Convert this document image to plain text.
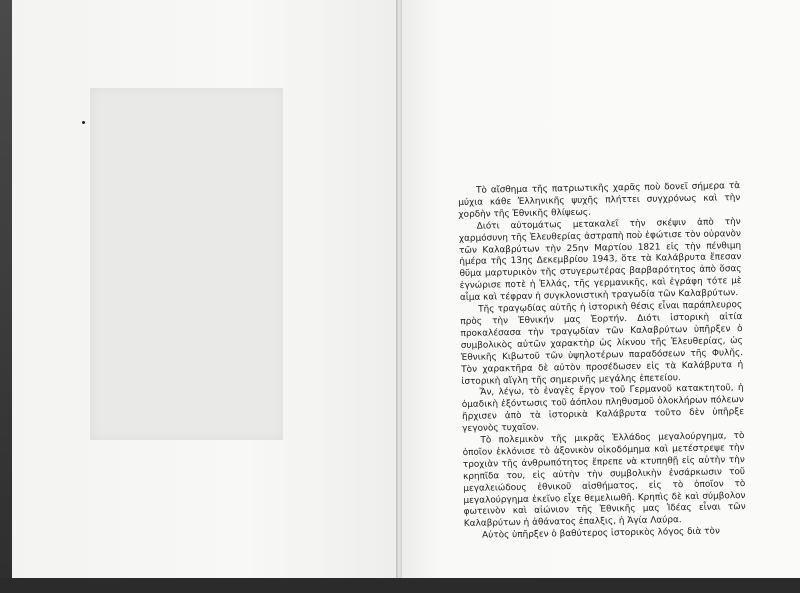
Τὸ αἴσθημα τῆς πατριωτικῆς χαρᾶς ποὺ δονεῖ σήμερα τὰ μύχια κάθε Ἑλληνικῆς ψυχῆς πλήττει συγχρόνως καὶ τὴν χορδὴν τῆς Ἐθνικῆς θλίψεως.

Διότι αὐτομάτως μετακαλεῖ τὴν σκέψιν ἀπὸ τὴν χαρμόσυνη τῆς Ἐλευθερίας ἀστραπὴ ποὺ ἐφώτισε τὸν οὐρανὸν τῶν Καλαβρύτων τὴν 25ην Μαρτίου 1821 εἰς τὴν πένθιμη ἡμέρα τῆς 13ης Δεκεμβρίου 1943, ὅτε τὰ Καλάβρυτα ἔπεσαν θῦμα μαρτυρικὸν τῆς στυγερωτέρας βαρβαρότητος ἀπὸ ὅσας ἐγνώρισε ποτὲ ἡ Ἑλλάς, τῆς γερμανικῆς, καὶ ἐγράφη τότε μὲ αἷμα καὶ τέφραν ἡ συγκλονιστικὴ τραγωδία τῶν Καλαβρύτων.

Τῆς τραγῳδίας αὐτῆς ἡ ἱστορικὴ θέσις εἶναι παράπλευρος πρὸς τὴν Ἐθνικήν μας Ἑορτήν. Διότι ἱστορικὴ αἰτία προκαλέσασα τὴν τραγῳδίαν τῶν Καλαβρύτων ὑπῆρξεν ὁ συμβολικὸς αὐτῶν χαρακτὴρ ὡς λίκνου τῆς Ἐλευθερίας, ὡς Ἐθνικῆς Κιβωτοῦ τῶν ὑψηλοτέρων παραδόσεων τῆς Φυλῆς. Τὸν χαρακτῆρα δὲ αὐτὸν προσέδωσεν εἰς τὰ Καλάβρυτα ἡ ἱστορικὴ αἴγλη τῆς σημερινῆς μεγάλης ἐπετείου.

Ἄν, λέγω, τὸ ἐναγὲς ἔργον τοῦ Γερμανοῦ κατακτητοῦ, ἡ ὁμαδικὴ ἐξόντωσις τοῦ ἀόπλου πληθυσμοῦ ὁλοκλήρων πόλεων ἤρχισεν ἀπὸ τὰ ἱστορικὰ Καλάβρυτα τοῦτο δὲν ὑπῆρξε γεγονὸς τυχαῖον.

Τὸ πολεμικὸν τῆς μικρᾶς Ἑλλάδος μεγαλούργημα, τὸ ὁποῖον ἐκλόνισε τὸ ἀξονικὸν οἰκοδόμημα καὶ μετέστρεψε τὴν τροχιὰν τῆς ἀνθρωπότητος ἔπρεπε νὰ κτυπηθῇ εἰς αὐτὴν τὴν κρηπῖδα του, εἰς αὐτὴν τὴν συμβολικὴν ἐνσάρκωσιν τοῦ μεγαλειώδους ἐθνικοῦ αἰσθήματος, εἰς τὸ ὁποῖον τὸ μεγαλούργημα ἐκεῖνο εἶχε θεμελιωθῆ. Κρηπὶς δὲ καὶ σύμβολον φωτεινὸν καὶ αἰώνιον τῆς Ἐθνικῆς μας Ἰδέας εἶναι τῶν Καλαβρύτων ἡ ἀθάνατος ἐπαλξις, ἡ Ἁγία Λαύρα.

Αὐτὸς ὑπῆρξεν ὁ βαθύτερος ἱστορικὸς λόγος διὰ τὸν
